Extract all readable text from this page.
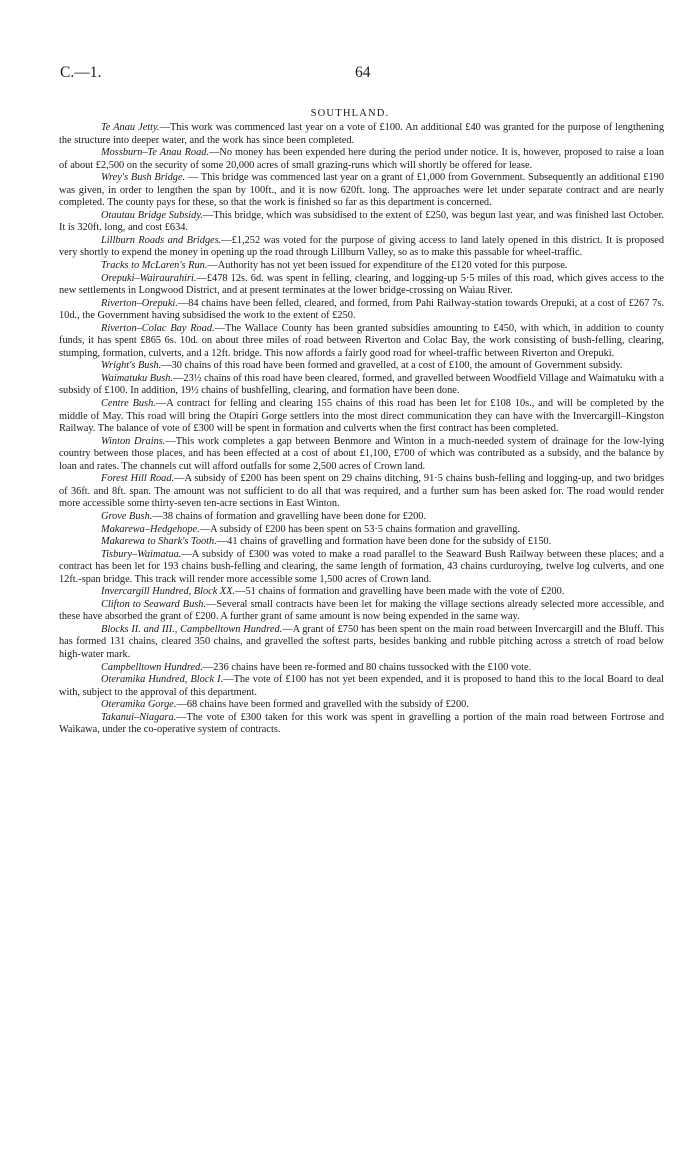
C.—1.	64
SOUTHLAND.

Te Anau Jetty.—This work was commenced last year on a vote of £100. An additional £40 was granted for the purpose of lengthening the structure into deeper water, and the work has since been completed.

Mossburn–Te Anau Road.—No money has been expended here during the period under notice. It is, however, proposed to raise a loan of about £2,500 on the security of some 20,000 acres of small grazing-runs which will shortly be offered for lease.

Wrey's Bush Bridge. — This bridge was commenced last year on a grant of £1,000 from Government. Subsequently an additional £190 was given, in order to lengthen the span by 100ft., and it is now 620ft. long. The approaches were let under separate contract and are nearly completed. The county pays for these, so that the work is finished so far as this department is concerned.

Otautau Bridge Subsidy.—This bridge, which was subsidised to the extent of £250, was begun last year, and was finished last October. It is 320ft. long, and cost £634.

Lillburn Roads and Bridges.—£1,252 was voted for the purpose of giving access to land lately opened in this district. It is proposed very shortly to expend the money in opening up the road through Lillburn Valley, so as to make this passable for wheel-traffic.

Tracks to McLaren's Run.—Authority has not yet been issued for expenditure of the £120 voted for this purpose.

Orepuki–Wairaurahiri.—£478 12s. 6d. was spent in felling, clearing, and logging-up 5·5 miles of this road, which gives access to the new settlements in Longwood District, and at present terminates at the lower bridge-crossing on Waiau River.

Riverton–Orepuki.—84 chains have been felled, cleared, and formed, from Pahi Railway-station towards Orepuki, at a cost of £267 7s. 10d., the Government having subsidised the work to the extent of £250.

Riverton–Colac Bay Road.—The Wallace County has been granted subsidies amounting to £450, with which, in addition to county funds, it has spent £865 6s. 10d. on about three miles of road between Riverton and Colac Bay, the work consisting of bush-felling, clearing, stumping, formation, culverts, and a 12ft. bridge. This now affords a fairly good road for wheel-traffic between Riverton and Orepuki.

Wright's Bush.—30 chains of this road have been formed and gravelled, at a cost of £100, the amount of Government subsidy.

Waimatuku Bush.—23½ chains of this road have been cleared, formed, and gravelled between Woodfield Village and Waimatuku with a subsidy of £100. In addition, 19½ chains of bushfelling, clearing, and formation have been done.

Centre Bush.—A contract for felling and clearing 155 chains of this road has been let for £108 10s., and will be completed by the middle of May. This road will bring the Otapiri Gorge settlers into the most direct communication they can have with the Invercargill–Kingston Railway. The balance of vote of £300 will be spent in formation and culverts when the first contract has been completed.

Winton Drains.—This work completes a gap between Benmore and Winton in a much-needed system of drainage for the low-lying country between those places, and has been effected at a cost of about £1,100, £700 of which was contributed as a subsidy, and the balance by loan and rates. The channels cut will afford outfalls for some 2,500 acres of Crown land.

Forest Hill Road.—A subsidy of £200 has been spent on 29 chains ditching, 91·5 chains bush-felling and logging-up, and two bridges of 36ft. and 8ft. span. The amount was not sufficient to do all that was required, and a further sum has been asked for. The road would render more accessible some thirty-seven ten-acre sections in East Winton.

Grove Bush.—38 chains of formation and gravelling have been done for £200.

Makarewa–Hedgehope.—A subsidy of £200 has been spent on 53·5 chains formation and gravelling.

Makarewa to Shark's Tooth.—41 chains of gravelling and formation have been done for the subsidy of £150.

Tisbury–Waimatua.—A subsidy of £300 was voted to make a road parallel to the Seaward Bush Railway between these places; and a contract has been let for 193 chains bush-felling and clearing, the same length of formation, 43 chains curduroying, twelve log culverts, and one 12ft.-span bridge. This track will render more accessible some 1,500 acres of Crown land.

Invercargill Hundred, Block XX.—51 chains of formation and gravelling have been made with the vote of £200.

Clifton to Seaward Bush.—Several small contracts have been let for making the village sections already selected more accessible, and these have absorbed the grant of £200. A further grant of same amount is now being expended in the same way.

Blocks II. and III., Campbelltown Hundred.—A grant of £750 has been spent on the main road between Invercargill and the Bluff. This has formed 131 chains, cleared 350 chains, and gravelled the softest parts, besides banking and rubble pitching across a stretch of road below high-water mark.

Campbelltown Hundred.—236 chains have been re-formed and 80 chains tussocked with the £100 vote.

Oteramika Hundred, Block I.—The vote of £100 has not yet been expended, and it is proposed to hand this to the local Board to deal with, subject to the approval of this department.

Oteramika Gorge.—68 chains have been formed and gravelled with the subsidy of £200.

Takanui–Niagara.—The vote of £300 taken for this work was spent in gravelling a portion of the main road between Fortrose and Waikawa, under the co-operative system of contracts.
